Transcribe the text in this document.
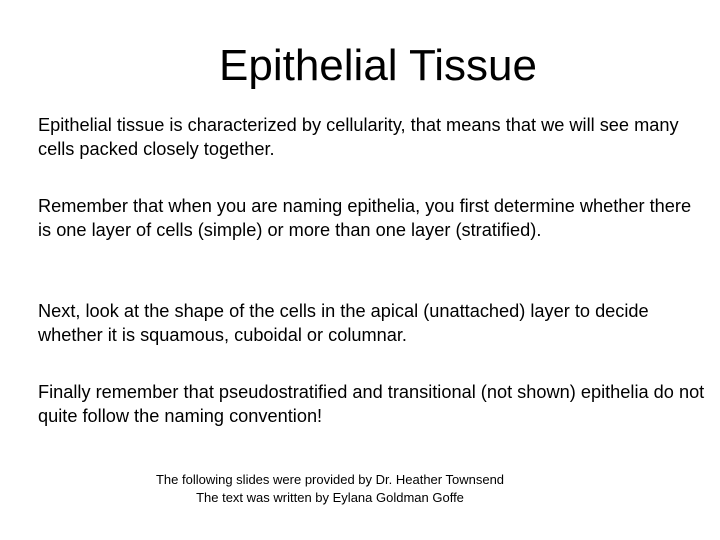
Epithelial Tissue

Epithelial tissue is characterized by cellularity, that means that we will see many cells packed closely together.

Remember that when you are naming epithelia, you first determine whether there is one layer of cells (simple) or more than one layer (stratified).

Next, look at the shape of the cells in the apical (unattached) layer to decide whether it is squamous, cuboidal or columnar.

Finally remember that pseudostratified and transitional (not shown) epithelia do not quite follow the naming convention!

The following slides were provided by Dr. Heather Townsend
The text was written by Eylana Goldman Goffe
